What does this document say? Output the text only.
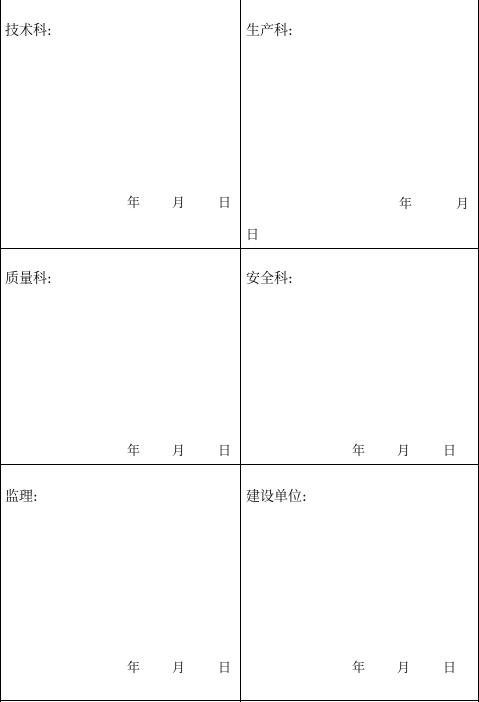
技术科:
年 月	日
生产科:
年	月
日
质量科:
年 月	日
安全科:
年 月	日
监理:
年 月	日
建设单位:
年 月	日
